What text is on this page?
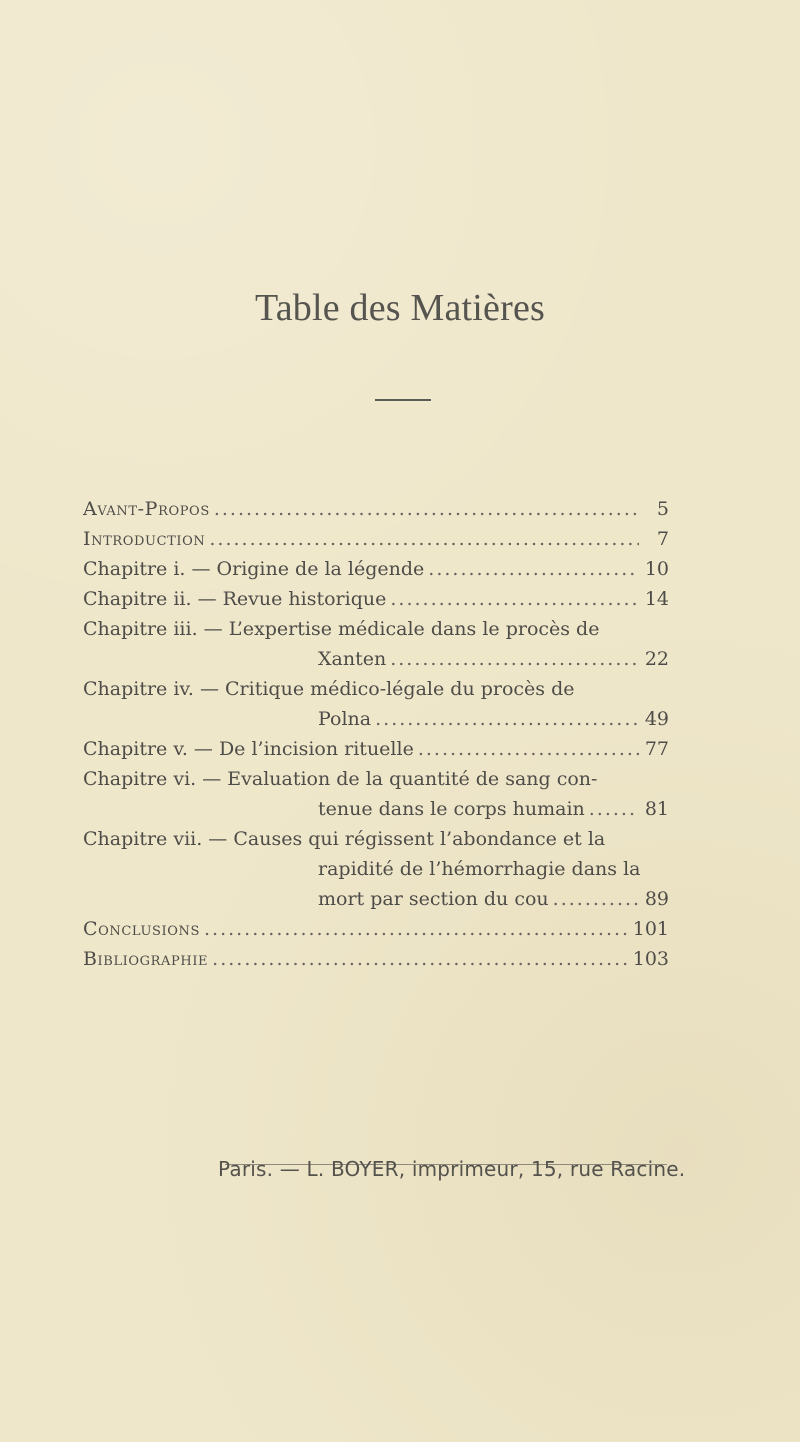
Table des Matières
Avant-Propos .....	5
Introduction .....	7
Chapitre i. — Origine de la légende .....	10
Chapitre ii. — Revue historique .....	14
Chapitre iii. — L’expertise médicale dans le procès de
Xanten .....	22
Chapitre iv. — Critique médico-légale du procès de
Polna .....	49
Chapitre v. — De l’incision rituelle .....	77
Chapitre vi. — Evaluation de la quantité de sang con-
tenue dans le corps humain .....	81
Chapitre vii. — Causes qui régissent l’abondance et la
rapidité de l’hémorrhagie dans la
mort par section du cou .....	89
Conclusions .....	101
Bibliographie .....	103
Paris. — L. BOYER, imprimeur, 15, rue Racine.
